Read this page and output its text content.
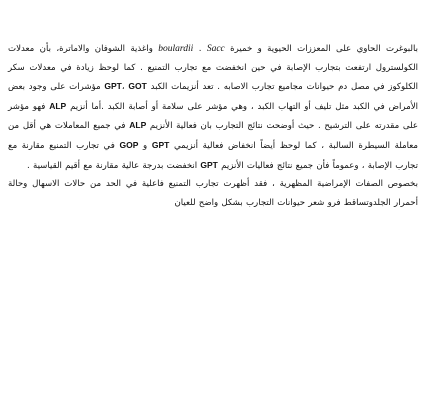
بالبوغرت الحاوي على المعززات الحيوية و خميرة Sacc . boulardii واغذية الشوفان والاماترة، بأن معدلات الكولسترول ارتفعت بتجارب الإصابة في حين انخفضت مع تجارب التمنيع . كما لوحظ زيادة في معدلات سكر الكلوكوز في مصل دم حيوانات مجاميع تجارب الاصابه . تعد أنزيمات الكبد GOT ،GPT مؤشرات على وجود بعض الأمراض في الكبد مثل تليف أو التهاب الكبد ، وهي مؤشر على سلامة أو أصابة الكبد .أما أنزيم ALP فهو مؤشر على مقدرته على الترشيح . حيث أوضحت نتائج التجارب بان فعالية الأنزيم ALP في جميع المعاملات هي أقل من معاملة السيطرة السالبة ، كما لوحظ أيضاً انخفاض فعالية أنزيمي GPT و GOP في تجارب التمنيع مقارنة مع تجارب الإصابة ، وعموماً فأن جميع نتائج فعاليات الأنزيم GPT انخفضت بدرجة عالية مقارنة مع أقيم القياسية .

بخصوص الصفات الإمراضية المظهرية ، فقد أظهرت تجارب التمنيع فاعلية في الحد من حالات الاسهال وحالة أحمرار الجلدوتساقط فرو شعر حيوانات التجارب بشكل واضح للعيان
